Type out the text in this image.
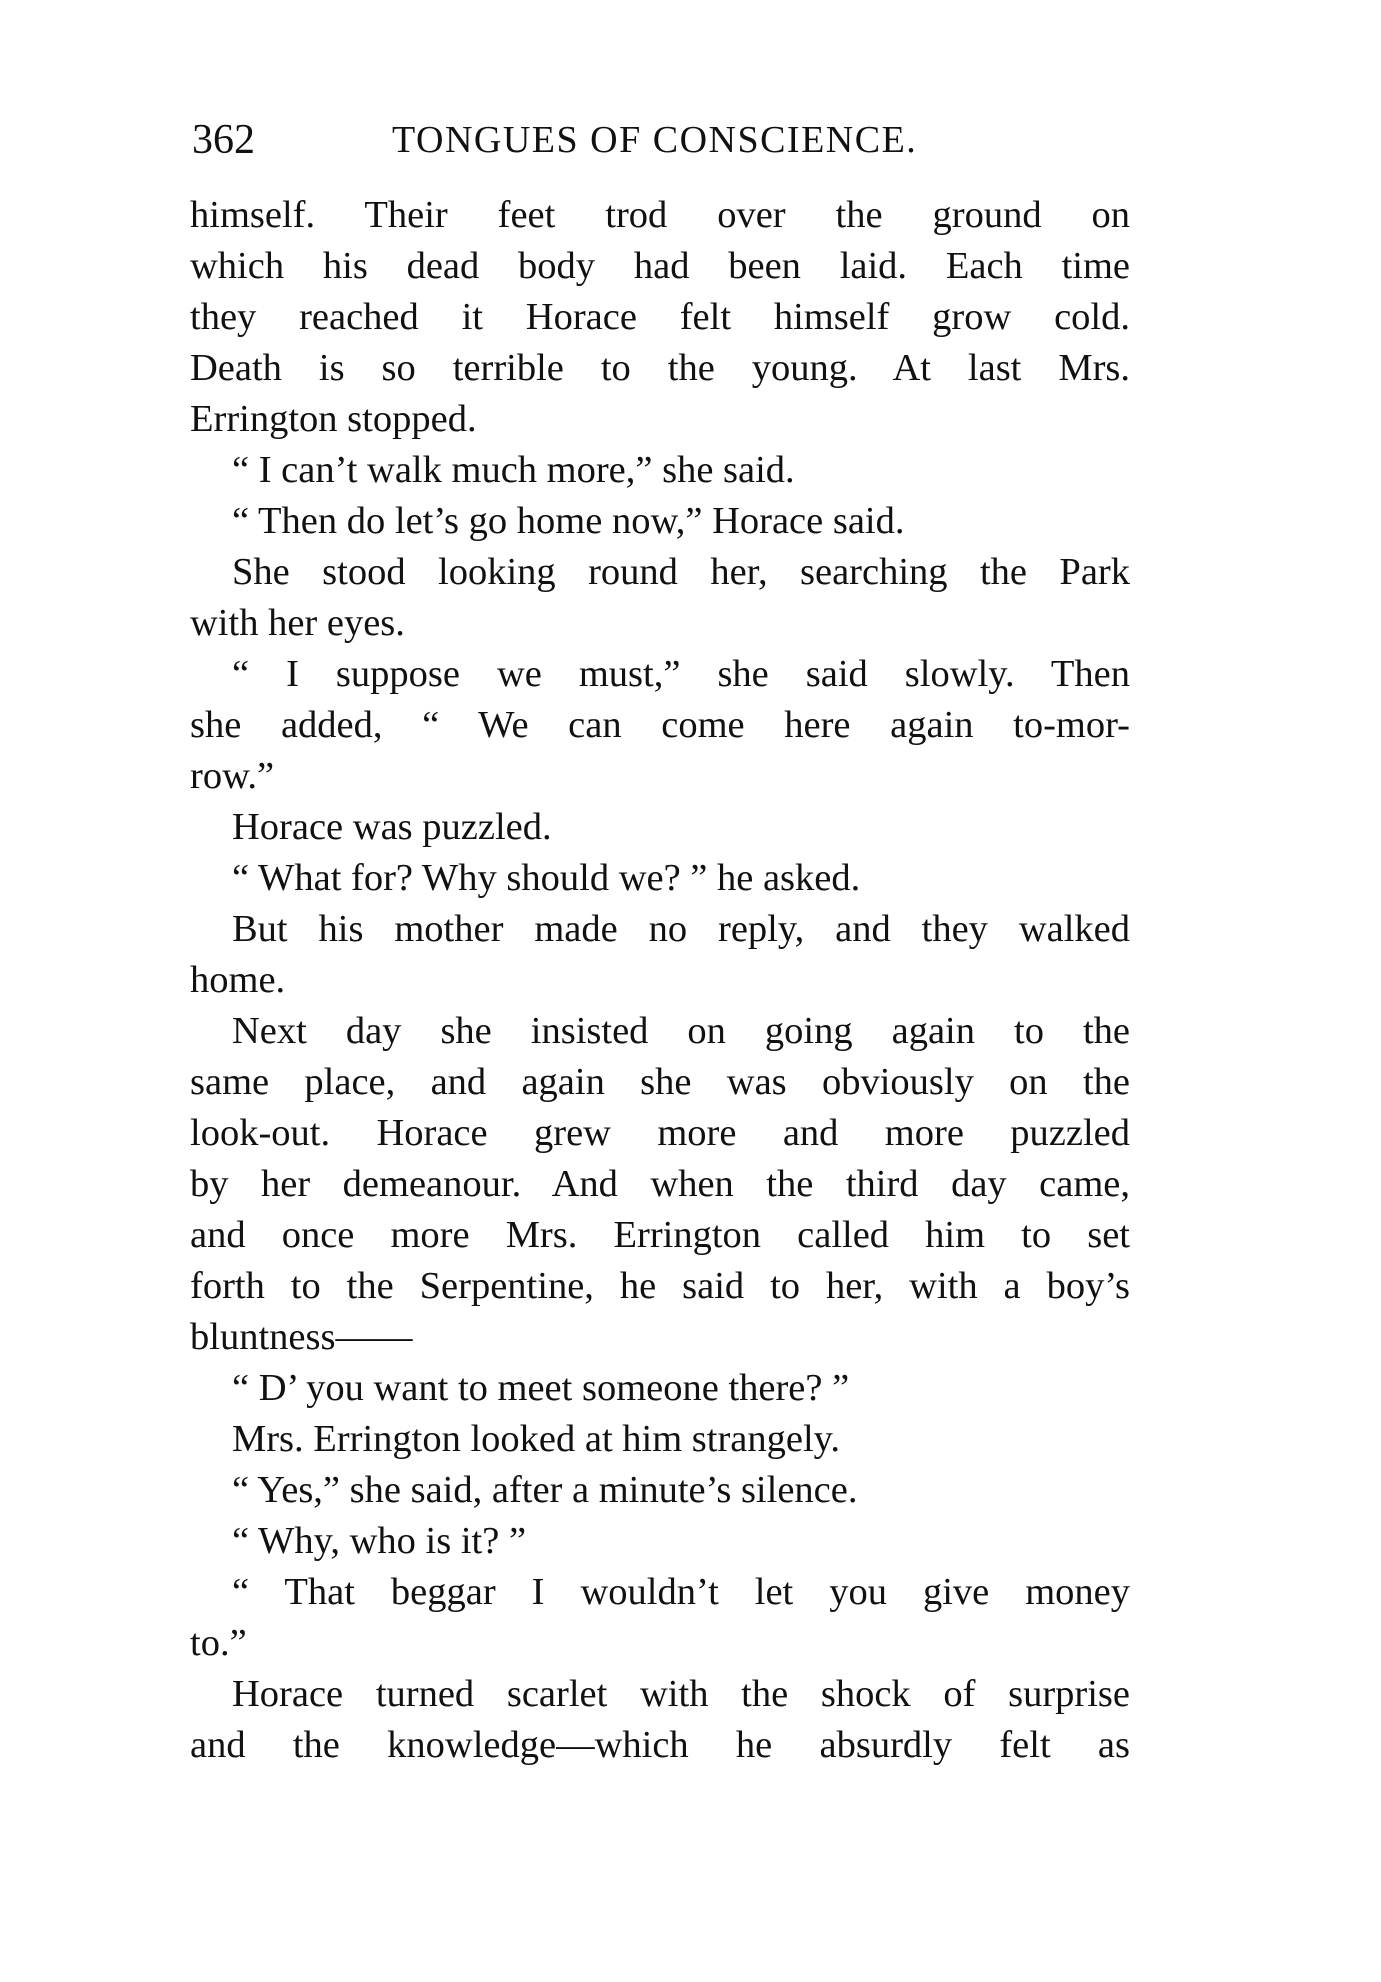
362	TONGUES OF CONSCIENCE.
himself. Their feet trod over the ground on
which his dead body had been laid. Each time
they reached it Horace felt himself grow cold.
Death is so terrible to the young. At last Mrs.
Errington stopped.
“ I can’t walk much more,” she said.
“ Then do let’s go home now,” Horace said.
She stood looking round her, searching the Park
with her eyes.
“ I suppose we must,” she said slowly. Then
she added, “ We can come here again to-mor-
row.”
Horace was puzzled.
“ What for? Why should we? ” he asked.
But his mother made no reply, and they walked
home.
Next day she insisted on going again to the
same place, and again she was obviously on the
look-out. Horace grew more and more puzzled
by her demeanour. And when the third day came,
and once more Mrs. Errington called him to set
forth to the Serpentine, he said to her, with a boy’s
bluntness——
“ D’ you want to meet someone there? ”
Mrs. Errington looked at him strangely.
“ Yes,” she said, after a minute’s silence.
“ Why, who is it? ”
“ That beggar I wouldn’t let you give money
to.”
Horace turned scarlet with the shock of surprise
and the knowledge—which he absurdly felt as
